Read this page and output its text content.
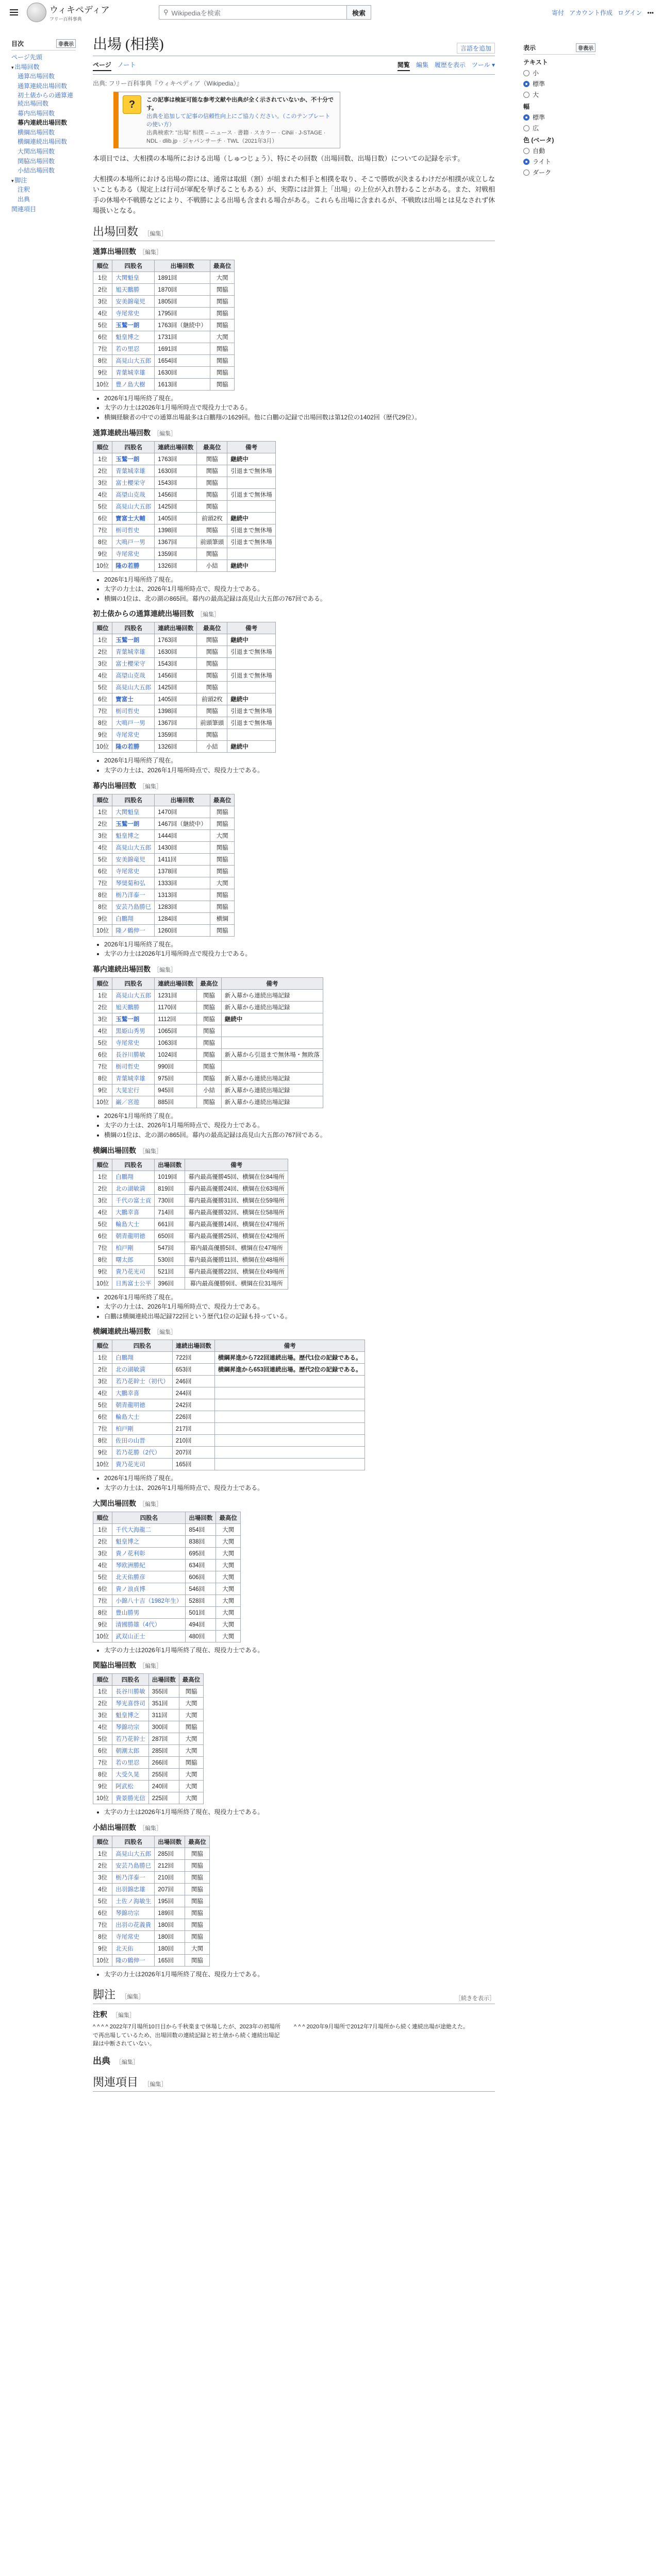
ウィキペディア
フリー百科事典
⚲ Wikipediaを検索	検索	寄付 アカウント作成 ログイン •••
目次	非表示
ページ先頭
▾ 出場回数
通算出場回数
通算連続出場回数
初土俵からの通算連続出場回数
幕内出場回数
幕内連続出場回数
横綱出場回数
横綱連続出場回数
大関出場回数
関脇出場回数
小結出場回数
▾ 脚注
注釈
出典
関連項目
出場 (相撲)	言語を追加
ページ ノート	閲覧 編集 履歴を表示 ツール ▾
出典: フリー百科事典『ウィキペディア（Wikipedia）』
?	この記事は検証可能な参考文献や出典が全く示されていないか、不十分です。
出典を追加して記事の信頼性向上にご協力ください。（このテンプレートの使い方）
出典検索?: "出場" 相撲 – ニュース · 書籍 · スカラー · CiNii · J-STAGE · NDL · dlib.jp · ジャパンサーチ · TWL（2021年3月）

本項目では、大相撲の本場所における出場（しゅつじょう）、特にその回数（出場回数、出場日数）についての記録を示す。

大相撲の本場所における出場の際には、通常は取組（割）が組まれた相手と相撲を取り、そこで勝敗が決まるわけだが相撲が成立しないこともある（規定上は行司が軍配を挙げることもある）が、実際には計算上「出場」の上位が入れ替わることがある。また、対戦相手の休場や不戦勝などにより、不戦勝による出場も含まれる場合がある。これらも出場に含まれるが、不戦敗は出場とは見なされず休場扱いとなる。

出場回数 ［編集］
通算出場回数 ［編集］
順位	四股名	出場回数	最高位
1位	大関魁皇	1891回	大関
2位	旭天鵬勝	1870回	関脇
3位	安美錦竜児	1805回	関脇
4位	寺尾常史	1795回	関脇
5位	玉鷲一朗	1763回（継続中）	関脇
6位	魁皇博之	1731回	大関
7位	若の里忍	1691回	関脇
8位	高見山大五郎	1654回	関脇
9位	青葉城幸雄	1630回	関脇
10位	豊ノ島大樹	1613回	関脇
• 2026年1月場所終了現在。
• 太字の力士は2026年1月場所時点で現役力士である。
• 横綱経験者の中での通算出場最多は白鵬翔の1629回。他に白鵬の記録で出場回数は第12位の1402回（歴代29位）。
通算連続出場回数 ［編集］
順位	四股名	連続出場回数	最高位	備考
1位	玉鷲一朗	1763回	関脇	継続中
2位	青葉城幸雄	1630回	関脇	引退まで無休場
3位	富士櫻栄守	1543回	関脇	
4位	高望山克哉	1456回	関脇	引退まで無休場
5位	高見山大五郎	1425回	関脇	
6位	寶富士大輔	1405回	前頭2枚	継続中
7位	栃司哲史	1398回	関脇	引退まで無休場
8位	大鳴戸一男	1367回	前頭筆頭	引退まで無休場
9位	寺尾常史	1359回	関脇	
10位	隆の若勝	1326回	小結	継続中
• 2026年1月場所終了現在。
• 太字の力士は、2026年1月場所時点で、現役力士である。
• 横綱の1位は、北の湖の865回。幕内の最高記録は高見山大五郎の767回である。
初土俵からの通算連続出場回数 ［編集］
順位	四股名	連続出場回数	最高位	備考
1位	玉鷲一朗	1763回	関脇	継続中
2位	青葉城幸雄	1630回	関脇	引退まで無休場
3位	富士櫻栄守	1543回	関脇	
4位	高望山克哉	1456回	関脇	引退まで無休場
5位	高見山大五郎	1425回	関脇	
6位	寶富士	1405回	前頭2枚	継続中
7位	栃司哲史	1398回	関脇	引退まで無休場
8位	大鳴戸一男	1367回	前頭筆頭	引退まで無休場
9位	寺尾常史	1359回	関脇	
10位	隆の若勝	1326回	小結	継続中
• 2026年1月場所終了現在。
• 太字の力士は、2026年1月場所時点で、現役力士である。
幕内出場回数 ［編集］
順位	四股名	出場回数	最高位
1位	大関魁皇	1470回	関脇
2位	玉鷲一朗	1467回（継続中）	関脇
3位	魁皇博之	1444回	大関
4位	高見山大五郎	1430回	関脇
5位	安美錦竜児	1411回	関脇
6位	寺尾常史	1378回	関脇
7位	琴奨菊和弘	1333回	大関
8位	栃乃洋泰一	1313回	関脇
8位	安芸乃島勝巳	1283回	関脇
9位	白鵬翔	1284回	横綱
10位	隆ノ鶴伸一	1260回	関脇
• 2026年1月場所終了現在。
• 太字の力士は2026年1月場所時点で現役力士である。
幕内連続出場回数 ［編集］
順位	四股名	連続出場回数	最高位	備考
1位	高見山大五郎	1231回	関脇	新入幕から連続出場記録
2位	旭天鵬勝	1170回	関脇	新入幕から連続出場記録
3位	玉鷲一朗	1112回	関脇	継続中
4位	黒姫山秀男	1065回	関脇	
5位	寺尾常史	1063回	関脇	
6位	長谷川勝敏	1024回	関脇	新入幕から引退まで無休場・無敗落
7位	栃司哲史	990回	関脇	
8位	青葉城幸雄	975回	関脇	新入幕から連続出場記録
9位	大晃宏行	945回	小結	新入幕から連続出場記録
10位	巌／宮遊	885回	関脇	新入幕から連続出場記録
• 2026年1月場所終了現在。
• 太字の力士は、2026年1月場所時点で、現役力士である。
• 横綱の1位は、北の湖の865回。幕内の最高記録は高見山大五郎の767回である。
横綱出場回数 ［編集］
順位	四股名	出場回数	備考
1位	白鵬翔	1019回	幕内最高優勝45回、横綱在位84場所
2位	北の湖敏満	819回	幕内最高優勝24回、横綱在位63場所
3位	千代の富士貢	730回	幕内最高優勝31回、横綱在位59場所
4位	大鵬幸喜	714回	幕内最高優勝32回、横綱在位58場所
5位	輪島大士	661回	幕内最高優勝14回、横綱在位47場所
6位	朝青龍明徳	650回	幕内最高優勝25回、横綱在位42場所
7位	柏戸剛	547回	幕内最高優勝5回、横綱在位47場所
8位	曙太郎	530回	幕内最高優勝11回、横綱在位48場所
9位	貴乃花光司	521回	幕内最高優勝22回、横綱在位49場所
10位	日馬富士公平	396回	幕内最高優勝9回、横綱在位31場所
• 2026年1月場所終了現在。
• 太字の力士は、2026年1月場所時点で、現役力士である。
• 白鵬は横綱連続出場記録722回という歴代1位の記録も持っている。
横綱連続出場回数 ［編集］
順位	四股名	連続出場回数	備考
1位	白鵬翔	722回	横綱昇進から722回連続出場。歴代1位の記録である。
2位	北の湖敏満	653回	横綱昇進から653回連続出場。歴代2位の記録である。
3位	若乃花幹士（初代）	246回	
4位	大鵬幸喜	244回	
5位	朝青龍明徳	242回	
6位	輪島大士	226回	
7位	柏戸剛	217回	
8位	佐田の山晋	210回	
9位	若乃花勝（2代）	207回	
10位	貴乃花光司	165回	
• 2026年1月場所終了現在。
• 太字の力士は、2026年1月場所時点で、現役力士である。
大関出場回数 ［編集］
順位	四股名	出場回数	最高位
1位	千代大海龍二	854回	大関
2位	魁皇博之	838回	大関
3位	貴ノ花利彰	695回	大関
4位	琴欧洲勝紀	634回	大関
5位	北天佑勝彦	606回	大関
6位	貴ノ浪貞博	546回	大関
7位	小錦八十吉（1982年生）	528回	大関
8位	豊山勝男	501回	大関
9位	清國勝雄（4代）	494回	大関
10位	武双山正士	480回	大関
• 太字の力士は2026年1月場所終了現在、現役力士である。
関脇出場回数 ［編集］
順位	四股名	出場回数	最高位
1位	長谷川勝敏	355回	関脇
2位	琴光喜啓司	351回	大関
3位	魁皇博之	311回	大関
4位	琴錦功宗	300回	関脇
5位	若乃花幹士	287回	大関
6位	朝潮太郎	285回	大関
7位	若の里忍	266回	関脇
8位	大受久晃	255回	大関
9位	阿武松	240回	大関
10位	貴景勝光信	225回	大関
• 太字の力士は2026年1月場所終了現在、現役力士である。
小結出場回数 ［編集］
順位	四股名	出場回数	最高位
1位	高見山大五郎	285回	関脇
2位	安芸乃島勝巳	212回	関脇
3位	栃乃洋泰一	210回	関脇
4位	出羽錦忠雄	207回	関脇
5位	土佐ノ海敏生	195回	関脇
6位	琴錦功宗	189回	関脇
7位	出羽の花義貴	180回	関脇
8位	寺尾常史	180回	関脇
9位	北天佑	180回	大関
10位	隆の鶴伸一	165回	関脇
• 太字の力士は2026年1月場所終了現在、現役力士である。
脚注 ［編集］	［続きを表示］
注釈 ［編集］
^ ^ ^ ^ 2022年7月場所10日目から千秋楽まで休場したが、2023年の初場所で再出場しているため、出場回数の連続記録と初土俵から続く連続出場記録は中断されていない。
^ ^ ^ 2020年9月場所で2012年7月場所から続く連続出場が途絶えた。
出典 ［編集］
関連項目 ［編集］
表示	非表示
テキスト
小
標準
大
幅
標準
広
色 (ベータ)
自動
ライト
ダーク
